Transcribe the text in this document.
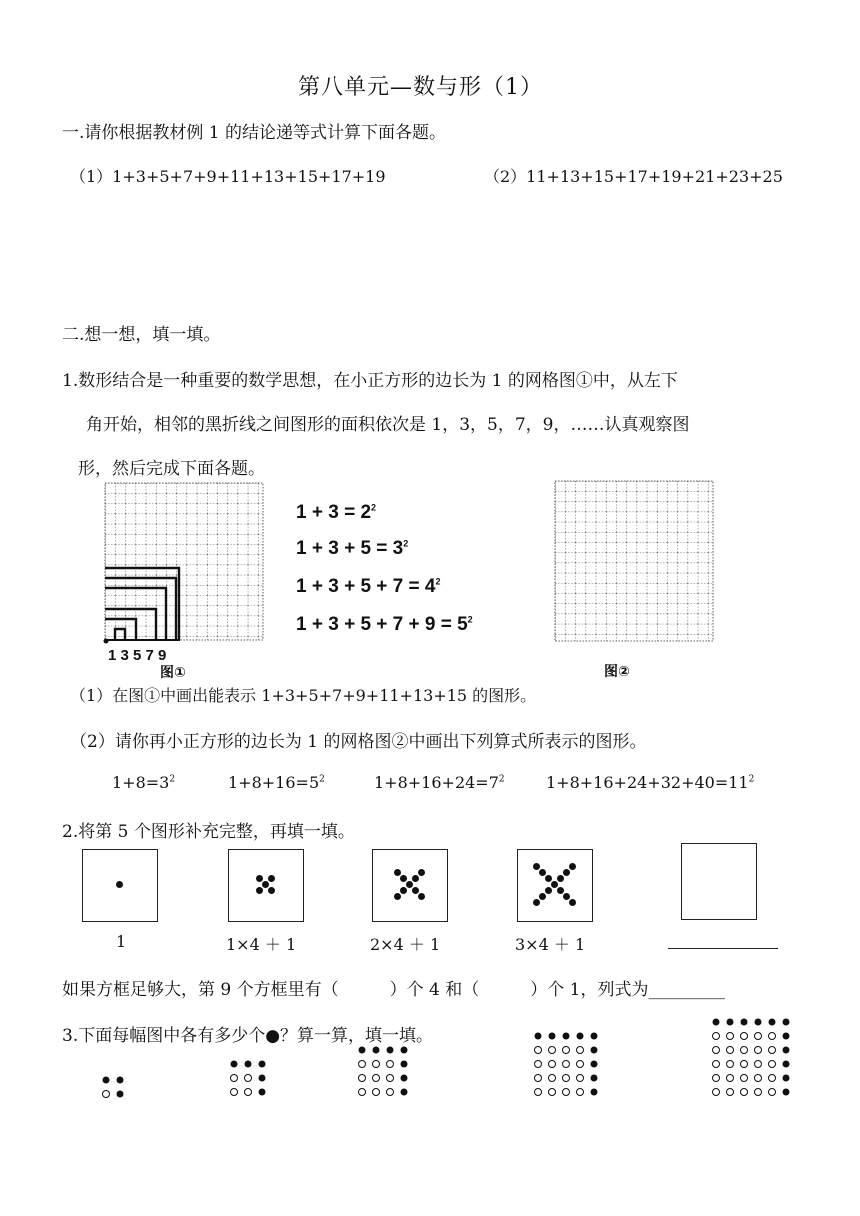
第八单元—数与形（1）
一.请你根据教材例 1 的结论递等式计算下面各题。
（1）1+3+5+7+9+11+13+15+17+19	（2）11+13+15+17+19+21+23+25
二.想一想，填一填。
1.数形结合是一种重要的数学思想，在小正方形的边长为 1 的网格图①中，从左下
角开始，相邻的黑折线之间图形的面积依次是 1，3，5，7，9，……认真观察图
形，然后完成下面各题。
1 3 5 7 9
图①
$1 + 3 = 2^2$
$1 + 3 + 5 = 3^2$
$1 + 3 + 5 + 7 = 4^2$
$1 + 3 + 5 + 7 + 9 = 5^2$
图②
（1）在图①中画出能表示 1+3+5+7+9+11+13+15 的图形。
（2）请你再小正方形的边长为 1 的网格图②中画出下列算式所表示的图形。
$1+8=3^2$	$1+8+16=5^2$	$1+8+16+24=7^2$	$1+8+16+24+32+40=11^2$
2.将第 5 个图形补充完整，再填一填。
1	1×4 ＋ 1	2×4 ＋ 1	3×4 ＋ 1
如果方框足够大，第 9 个方框里有（　　　）个 4 和（　　　）个 1，列式为_________
3.下面每幅图中各有多少个●？算一算，填一填。
